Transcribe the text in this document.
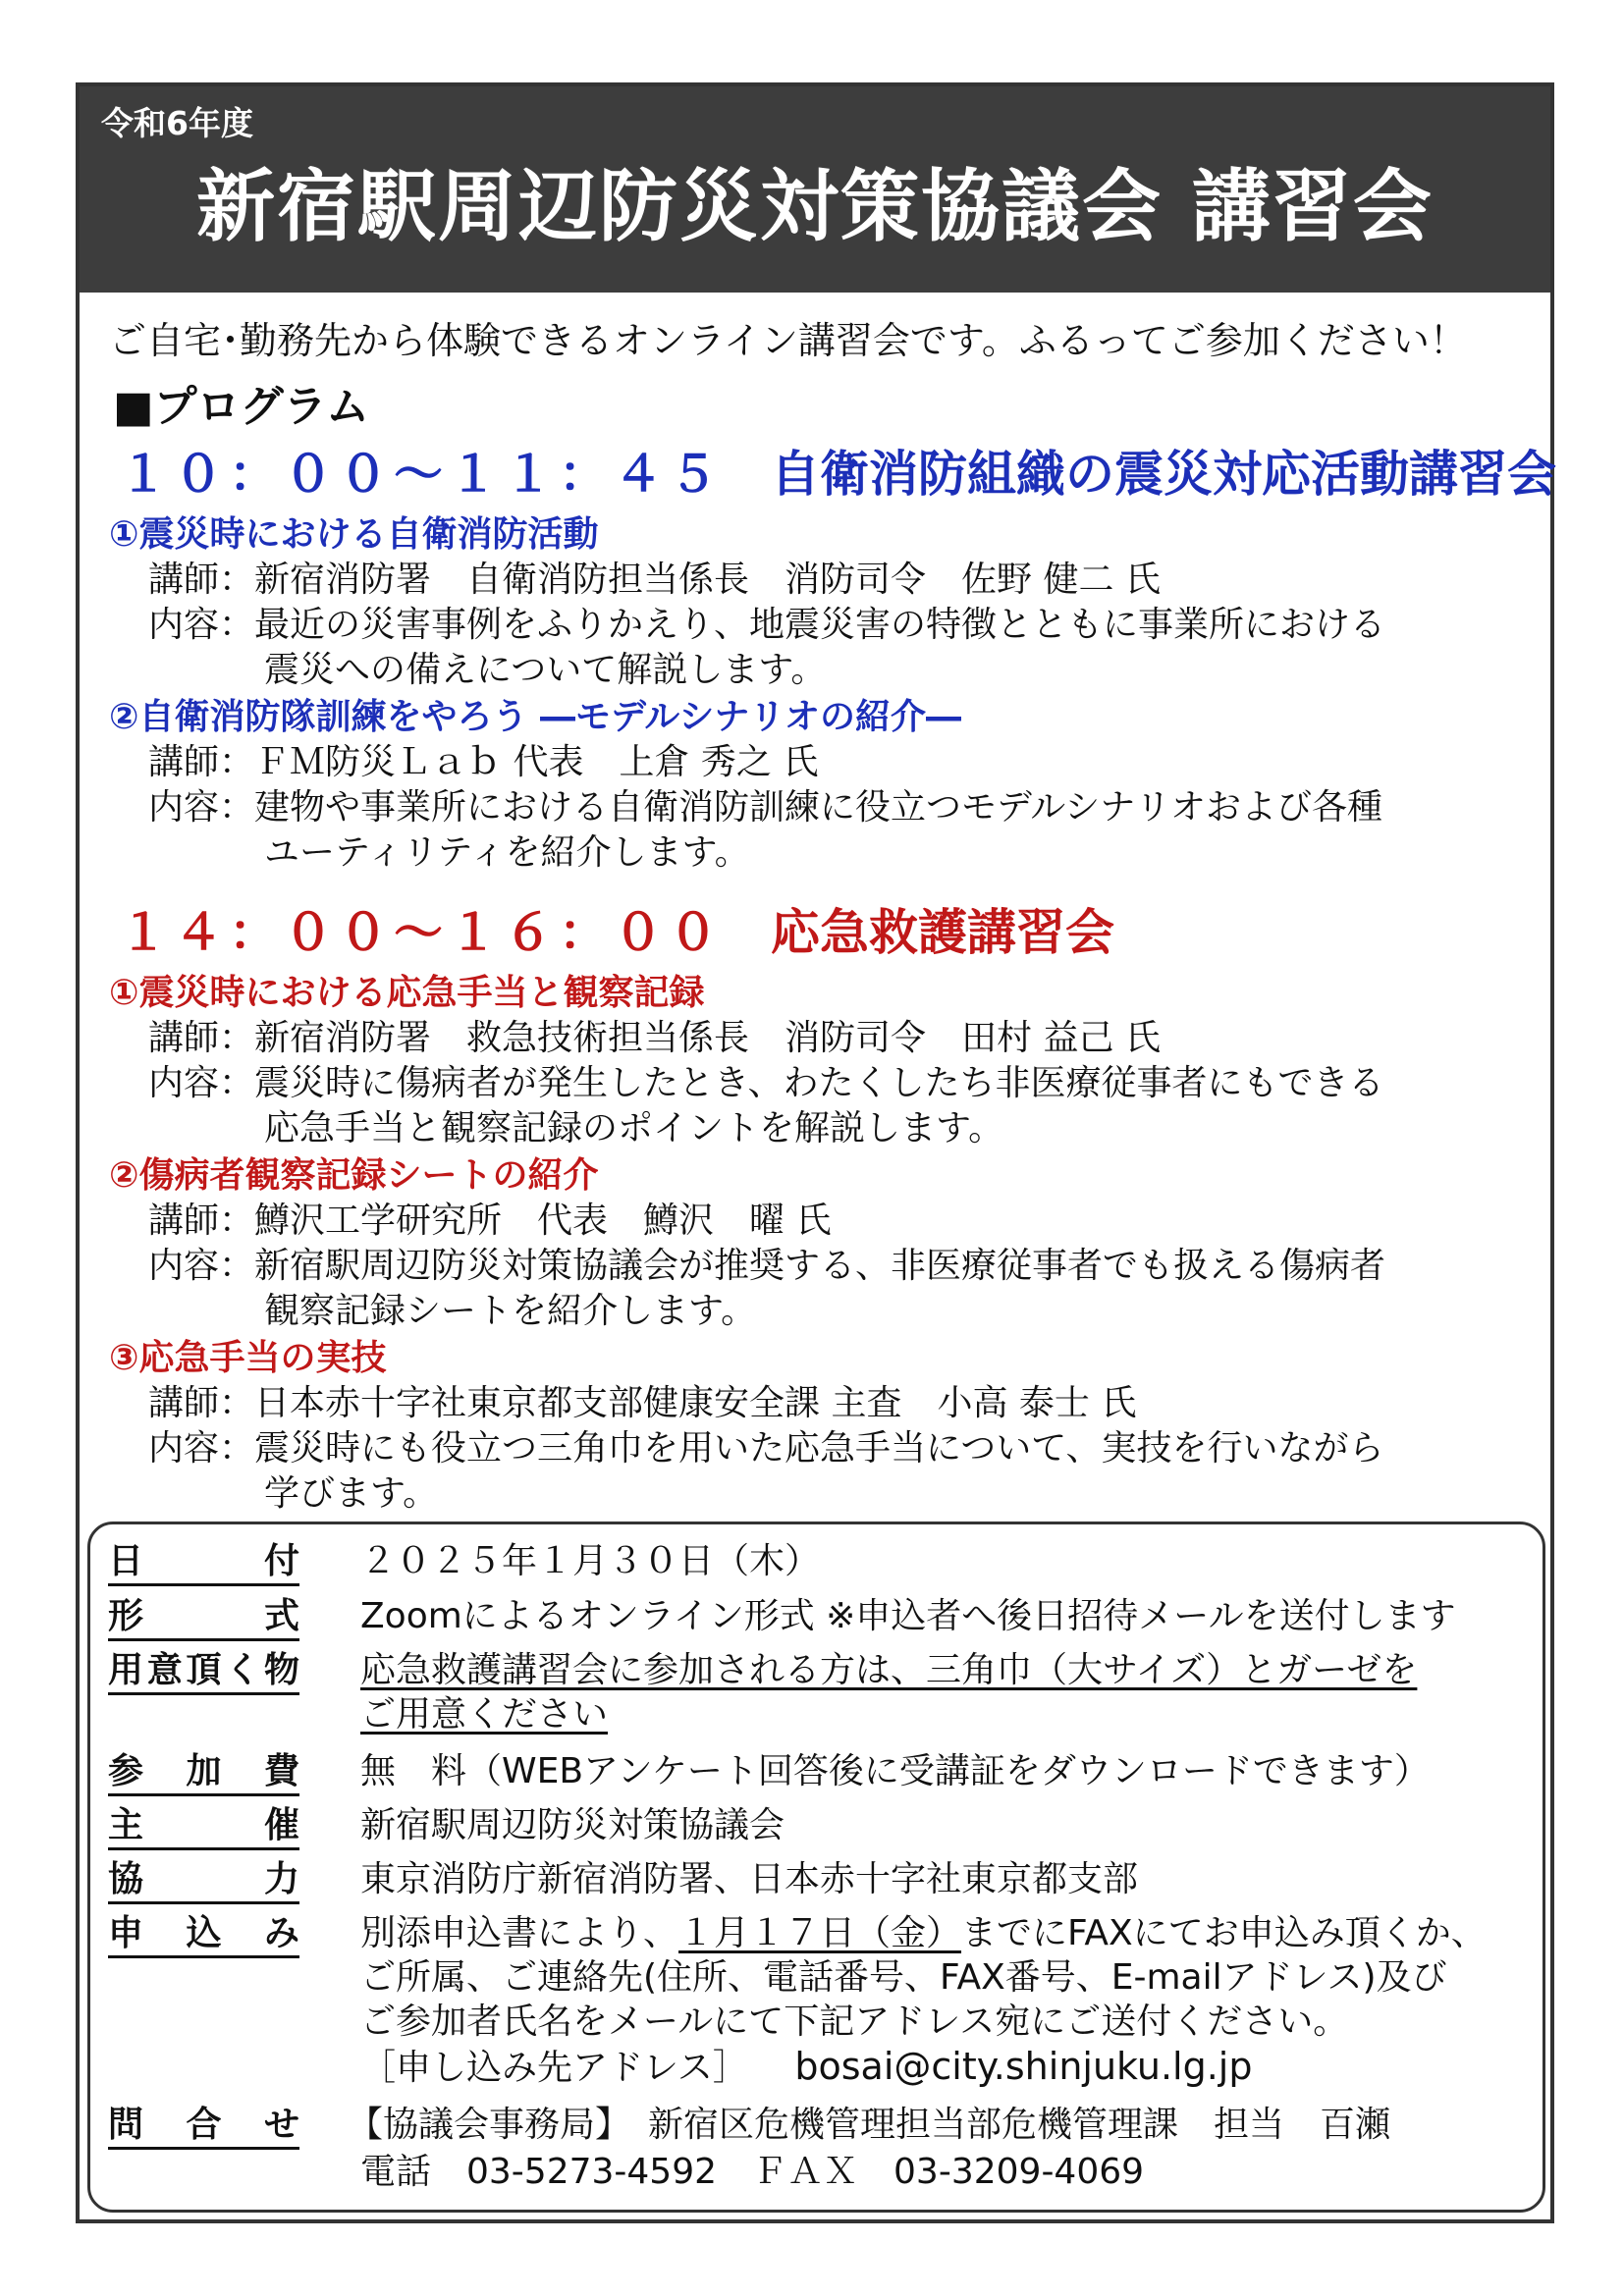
令和6年度
新宿駅周辺防災対策協議会 講習会
ご自宅･勤務先から体験できるオンライン講習会です。ふるってご参加ください！
■プログラム
１０：００～１１：４５ 自衛消防組織の震災対応活動講習会
①震災時における自衛消防活動
講師：新宿消防署　自衛消防担当係長　消防司令　佐野 健二 氏
内容：最近の災害事例をふりかえり、地震災害の特徴とともに事業所における
震災への備えについて解説します。
②自衛消防隊訓練をやろう ―モデルシナリオの紹介―
講師：ＦＭ防災Ｌａｂ 代表　上倉 秀之 氏
内容：建物や事業所における自衛消防訓練に役立つモデルシナリオおよび各種
ユーティリティを紹介します。
１４：００～１６：００ 応急救護講習会
①震災時における応急手当と観察記録
講師：新宿消防署　救急技術担当係長　消防司令　田村 益己 氏
内容：震災時に傷病者が発生したとき、わたくしたち非医療従事者にもできる
応急手当と観察記録のポイントを解説します。
②傷病者観察記録シートの紹介
講師：鱒沢工学研究所　代表　鱒沢　曜 氏
内容：新宿駅周辺防災対策協議会が推奨する、非医療従事者でも扱える傷病者
観察記録シートを紹介します。
③応急手当の実技
講師：日本赤十字社東京都支部健康安全課 主査　小高 泰士 氏
内容：震災時にも役立つ三角巾を用いた応急手当について、実技を行いながら
学びます。
日付 ２０２５年１月３０日（木）
形式 Zoomによるオンライン形式 ※申込者へ後日招待メールを送付します
用意頂く物 応急救護講習会に参加される方は、三角巾（大サイズ）とガーゼを
ご用意ください
参加費 無　料（WEBアンケート回答後に受講証をダウンロードできます）
主催 新宿駅周辺防災対策協議会
協力 東京消防庁新宿消防署、日本赤十字社東京都支部
申込み 別添申込書により、１月１７日（金）までにFAXにてお申込み頂くか、
ご所属、ご連絡先(住所、電話番号、FAX番号、E-mailアドレス)及び
ご参加者氏名をメールにて下記アドレス宛にご送付ください。
［申し込み先アドレス］ bosai@city.shinjuku.lg.jp
問合せ 【協議会事務局】　新宿区危機管理担当部危機管理課　担当　百瀬
電話　03-5273-4592　ＦＡＸ　03-3209-4069
